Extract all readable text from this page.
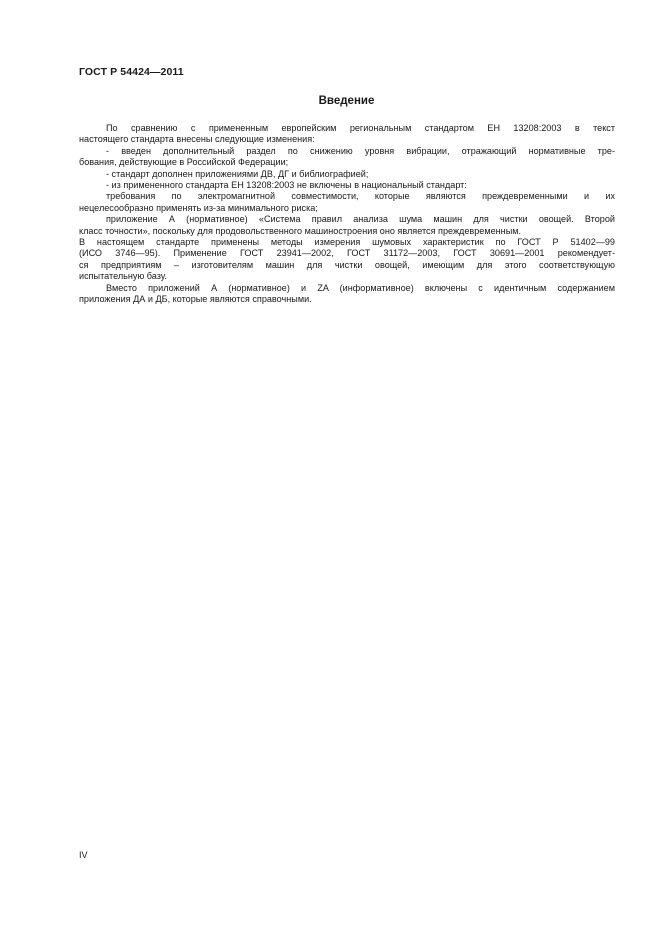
ГОСТ Р 54424—2011
Введение
По сравнению с примененным европейским региональным стандартом ЕН 13208:2003 в текст
настоящего стандарта внесены следующие изменения:
- введен дополнительный раздел по снижению уровня вибрации, отражающий нормативные тре-
бования, действующие в Российской Федерации;
- стандарт дополнен приложениями ДВ, ДГ и библиографией;
- из примененного стандарта ЕН 13208:2003 не включены в национальный стандарт:
требования по электромагнитной совместимости, которые являются преждевременными и их
нецелесообразно применять из-за минимального риска;
приложение А (нормативное) «Система правил анализа шума машин для чистки овощей. Второй
класс точности», поскольку для продовольственного машиностроения оно является преждевременным.
В настоящем стандарте применены методы измерения шумовых характеристик по ГОСТ Р 51402—99
(ИСО 3746—95). Применение ГОСТ 23941—2002, ГОСТ 31172—2003, ГОСТ 30691—2001 рекомендует-
ся предприятиям – изготовителям машин для чистки овощей, имеющим для этого соответствующую
испытательную базу.
Вместо приложений А (нормативное) и ZA (информативное) включены с идентичным содержанием
приложения ДА и ДБ, которые являются справочными.
IV
